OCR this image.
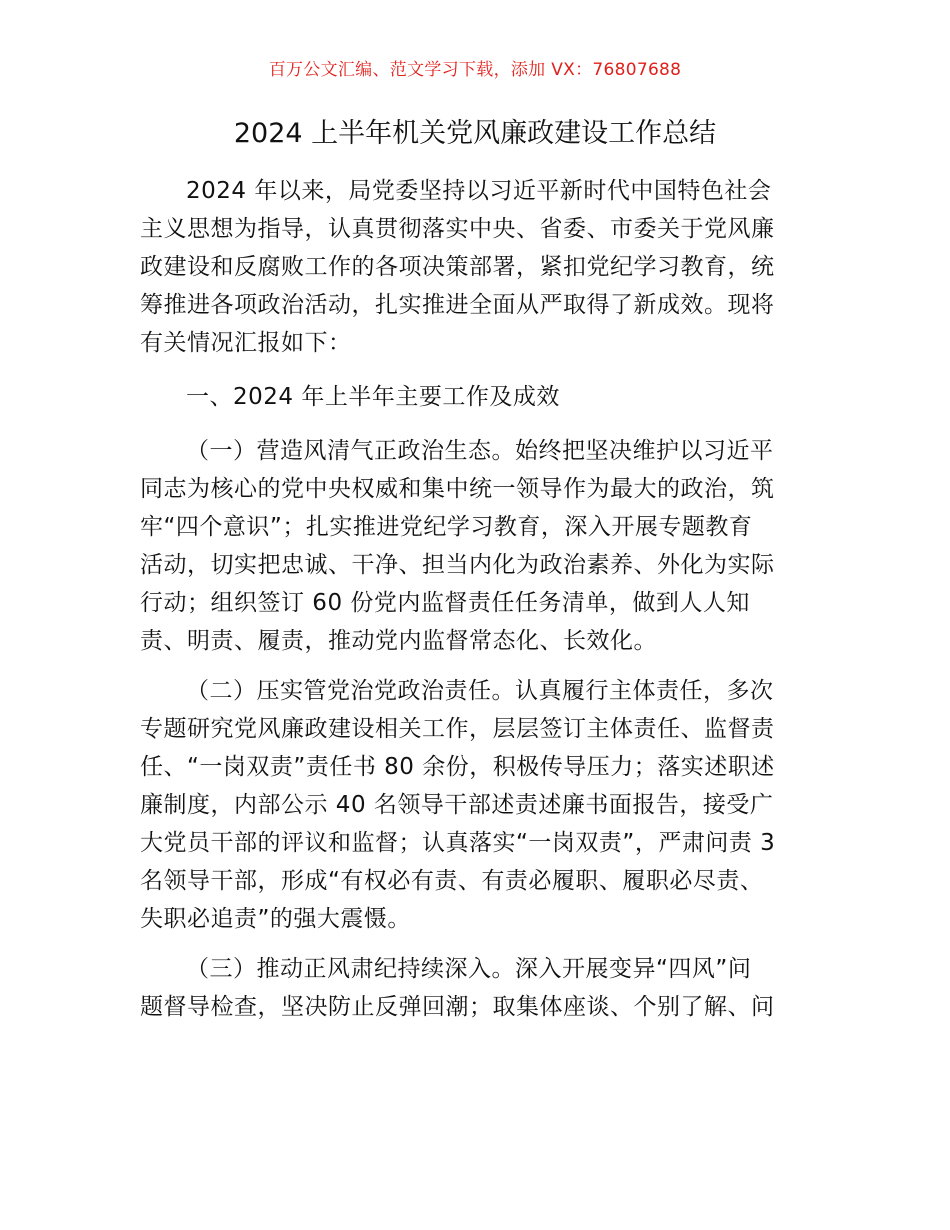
百万公文汇编、范文学习下载，添加 VX：76807688
2024 上半年机关党风廉政建设工作总结
2024 年以来，局党委坚持以习近平新时代中国特色社会
主义思想为指导，认真贯彻落实中央、省委、市委关于党风廉
政建设和反腐败工作的各项决策部署，紧扣党纪学习教育，统
筹推进各项政治活动，扎实推进全面从严取得了新成效。现将
有关情况汇报如下：
一、2024 年上半年主要工作及成效
（一）营造风清气正政治生态。始终把坚决维护以习近平
同志为核心的党中央权威和集中统一领导作为最大的政治，筑
牢“四个意识”；扎实推进党纪学习教育，深入开展专题教育
活动，切实把忠诚、干净、担当内化为政治素养、外化为实际
行动；组织签订 60 份党内监督责任任务清单，做到人人知
责、明责、履责，推动党内监督常态化、长效化。
（二）压实管党治党政治责任。认真履行主体责任，多次
专题研究党风廉政建设相关工作，层层签订主体责任、监督责
任、“一岗双责”责任书 80 余份，积极传导压力；落实述职述
廉制度，内部公示 40 名领导干部述责述廉书面报告，接受广
大党员干部的评议和监督；认真落实“一岗双责”，严肃问责 3
名领导干部，形成“有权必有责、有责必履职、履职必尽责、
失职必追责”的强大震慑。
（三）推动正风肃纪持续深入。深入开展变异“四风”问
题督导检查，坚决防止反弹回潮；取集体座谈、个别了解、问
